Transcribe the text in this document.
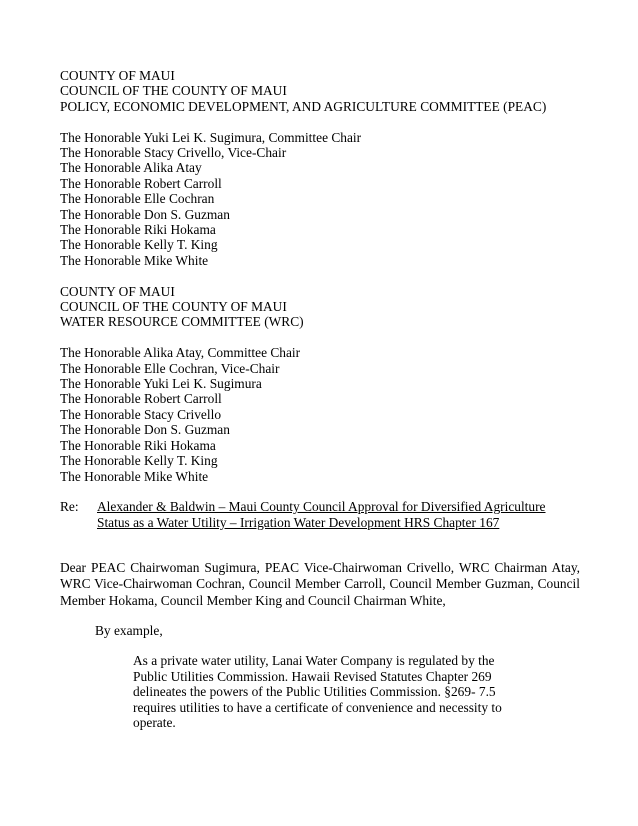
COUNTY OF MAUI
COUNCIL OF THE COUNTY OF MAUI
POLICY, ECONOMIC DEVELOPMENT, AND AGRICULTURE COMMITTEE (PEAC)
The Honorable Yuki Lei K. Sugimura, Committee Chair
The Honorable Stacy Crivello, Vice-Chair
The Honorable Alika Atay
The Honorable Robert Carroll
The Honorable Elle Cochran
The Honorable Don S. Guzman
The Honorable Riki Hokama
The Honorable Kelly T. King
The Honorable Mike White
COUNTY OF MAUI
COUNCIL OF THE COUNTY OF MAUI
WATER RESOURCE COMMITTEE (WRC)
The Honorable Alika Atay, Committee Chair
The Honorable Elle Cochran, Vice-Chair
The Honorable Yuki Lei K. Sugimura
The Honorable Robert Carroll
The Honorable Stacy Crivello
The Honorable Don S. Guzman
The Honorable Riki Hokama
The Honorable Kelly T. King
The Honorable Mike White
Re:	Alexander & Baldwin – Maui County Council Approval for Diversified Agriculture
Status as a Water Utility – Irrigation Water Development HRS Chapter 167
Dear PEAC Chairwoman Sugimura, PEAC Vice-Chairwoman Crivello, WRC Chairman Atay, WRC Vice-Chairwoman Cochran, Council Member Carroll, Council Member Guzman, Council Member Hokama, Council Member King and Council Chairman White,
By example,
As a private water utility, Lanai Water Company is regulated by the Public Utilities Commission. Hawaii Revised Statutes Chapter 269 delineates the powers of the Public Utilities Commission. §269- 7.5 requires utilities to have a certificate of convenience and necessity to operate.
